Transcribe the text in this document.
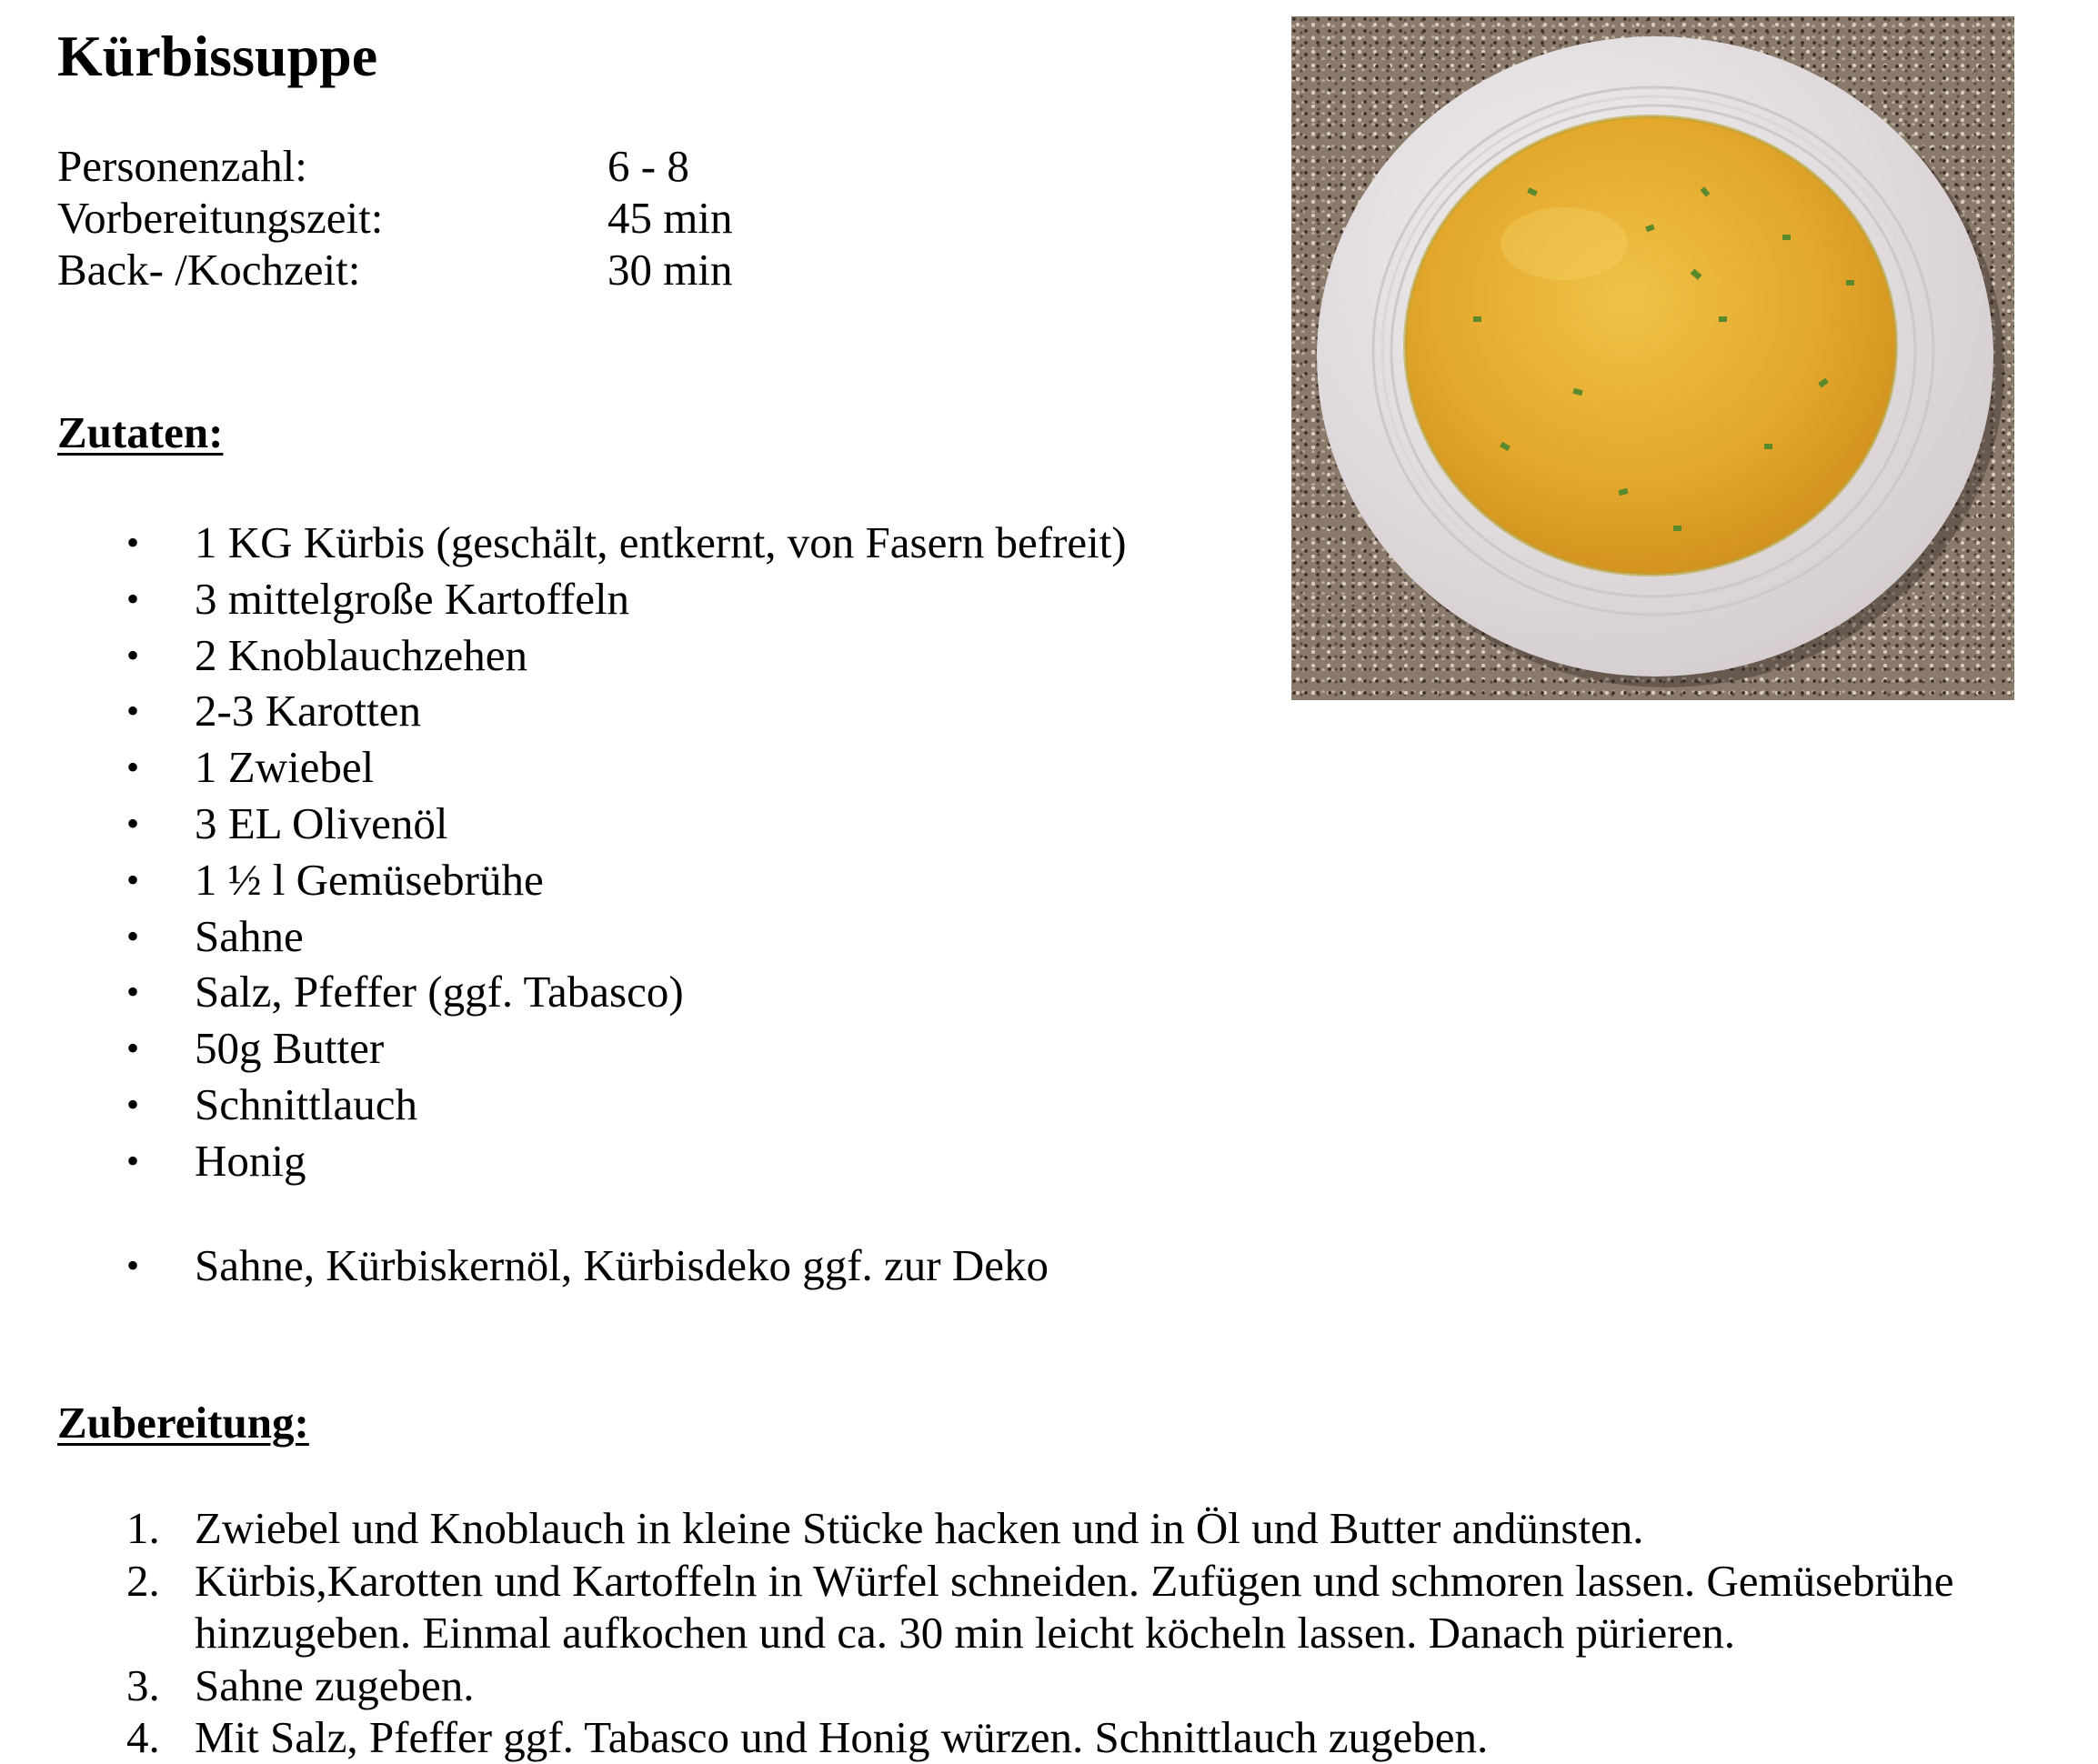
Kürbissuppe
Personenzahl:	6 - 8
Vorbereitungszeit:	45 min
Back- /Kochzeit:	30 min
Zutaten:
• 1 KG Kürbis (geschält, entkernt, von Fasern befreit)
• 3 mittelgroße Kartoffeln
• 2 Knoblauchzehen
• 2-3 Karotten
• 1 Zwiebel
• 3 EL Olivenöl
• 1 ½ l Gemüsebrühe
• Sahne
• Salz, Pfeffer (ggf. Tabasco)
• 50g Butter
• Schnittlauch
• Honig
• Sahne, Kürbiskernöl, Kürbisdeko ggf. zur Deko
Zubereitung:
1. Zwiebel und Knoblauch in kleine Stücke hacken und in Öl und Butter andünsten.
2. Kürbis,Karotten und Kartoffeln in Würfel schneiden. Zufügen und schmoren lassen. Gemüsebrühe hinzugeben. Einmal aufkochen und ca. 30 min leicht köcheln lassen. Danach pürieren.
3. Sahne zugeben.
4. Mit Salz, Pfeffer ggf. Tabasco und Honig würzen. Schnittlauch zugeben.
